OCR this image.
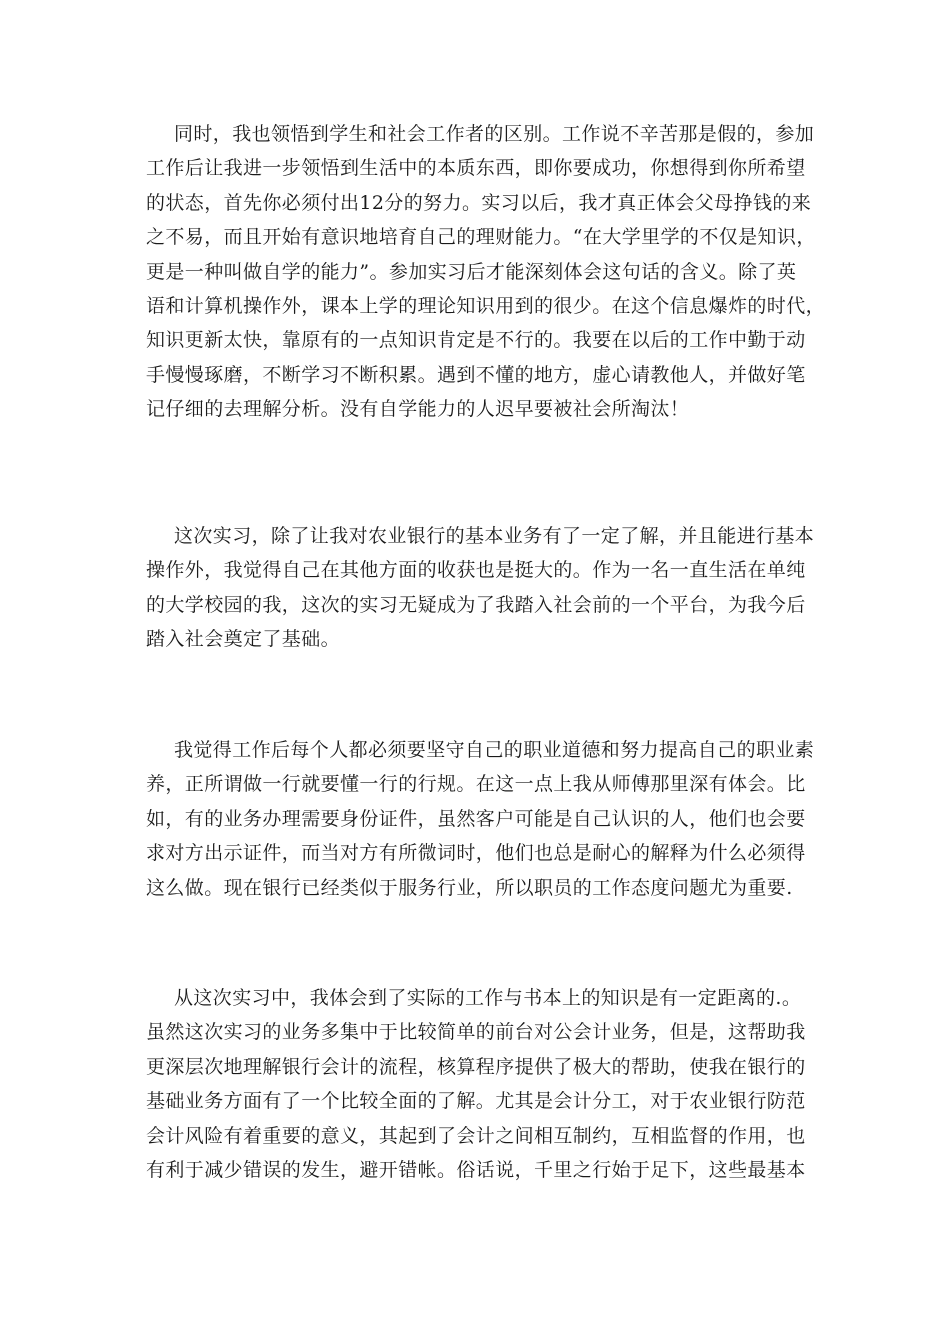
同时，我也领悟到学生和社会工作者的区别。工作说不辛苦那是假的，参加
工作后让我进一步领悟到生活中的本质东西，即你要成功，你想得到你所希望
的状态，首先你必须付出12分的努力。实习以后，我才真正体会父母挣钱的来
之不易，而且开始有意识地培育自己的理财能力。“在大学里学的不仅是知识，
更是一种叫做自学的能力”。参加实习后才能深刻体会这句话的含义。除了英
语和计算机操作外，课本上学的理论知识用到的很少。在这个信息爆炸的时代，
知识更新太快，靠原有的一点知识肯定是不行的。我要在以后的工作中勤于动
手慢慢琢磨，不断学习不断积累。遇到不懂的地方，虚心请教他人，并做好笔
记仔细的去理解分析。没有自学能力的人迟早要被社会所淘汰！

这次实习，除了让我对农业银行的基本业务有了一定了解，并且能进行基本
操作外，我觉得自己在其他方面的收获也是挺大的。作为一名一直生活在单纯
的大学校园的我，这次的实习无疑成为了我踏入社会前的一个平台，为我今后
踏入社会奠定了基础。

我觉得工作后每个人都必须要坚守自己的职业道德和努力提高自己的职业素
养，正所谓做一行就要懂一行的行规。在这一点上我从师傅那里深有体会。比
如，有的业务办理需要身份证件，虽然客户可能是自己认识的人，他们也会要
求对方出示证件，而当对方有所微词时，他们也总是耐心的解释为什么必须得
这么做。现在银行已经类似于服务行业，所以职员的工作态度问题尤为重要.

从这次实习中，我体会到了实际的工作与书本上的知识是有一定距离的.。
虽然这次实习的业务多集中于比较简单的前台对公会计业务，但是，这帮助我
更深层次地理解银行会计的流程，核算程序提供了极大的帮助，使我在银行的
基础业务方面有了一个比较全面的了解。尤其是会计分工，对于农业银行防范
会计风险有着重要的意义，其起到了会计之间相互制约，互相监督的作用，也
有利于减少错误的发生，避开错帐。俗话说，千里之行始于足下，这些最基本
